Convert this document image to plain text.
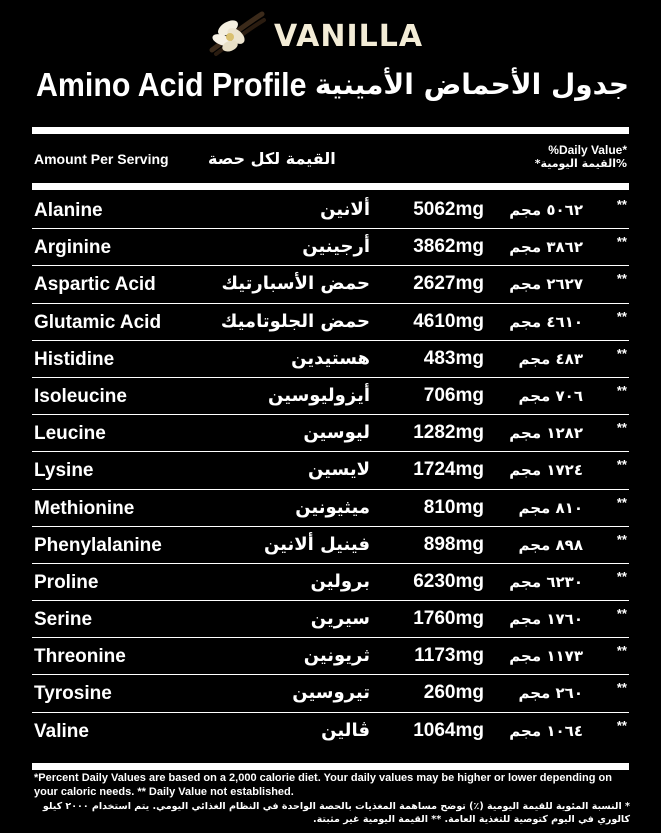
VANILLA
Amino Acid Profile جدول الأحماض الأمينية
Amount Per Serving القيمة لكل حصة	%Daily Value*
%القيمة اليومية*
Alanine	ألانين 5062mg	٥٠٦٢ مجم	**
Arginine	أرجينين 3862mg	٣٨٦٢ مجم	**
Aspartic Acid	حمض الأسبارتيك 2627mg	٢٦٢٧ مجم	**
Glutamic Acid	حمض الجلوتاميك 4610mg	٤٦١٠ مجم	**
Histidine	هستيدين	483mg	٤٨٣ مجم	**
Isoleucine	أيزوليوسين	706mg	٧٠٦ مجم	**
Leucine	ليوسين 1282mg	١٢٨٢ مجم	**
Lysine	لايسين 1724mg	١٧٢٤ مجم	**
Methionine	ميثيونين	810mg	٨١٠ مجم	**
Phenylalanine	فينيل ألانين	898mg	٨٩٨ مجم	**
Proline	برولين 6230mg	٦٢٣٠ مجم	**
Serine	سيرين 1760mg	١٧٦٠ مجم	**
Threonine	ثريونين 1173mg	١١٧٣ مجم	**
Tyrosine	تيروسين	260mg	٢٦٠ مجم	**
Valine	ڤالين 1064mg	١٠٦٤ مجم	**
*Percent Daily Values are based on a 2,000 calorie diet. Your daily values may be higher or lower depending on your caloric needs. ** Daily Value not established.
* النسبة المئوية للقيمة اليومية (٪) توضح مساهمة المغذيات بالحصة الواحدة في النظام الغذائي اليومي. يتم استخدام ٢٠٠٠ كيلو كالوري في اليوم كتوصية للتغذية العامة. ** القيمة اليومية غير مثبتة.
